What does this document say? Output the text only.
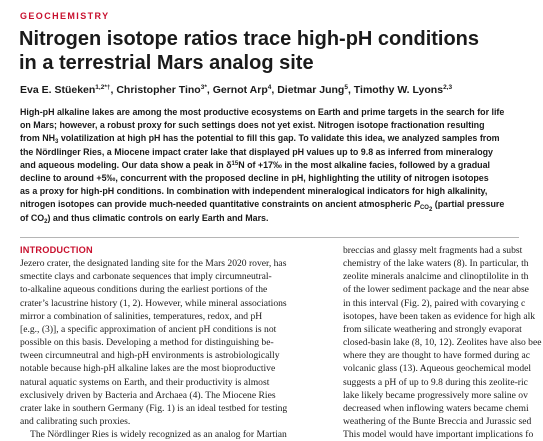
GEOCHEMISTRY
Nitrogen isotope ratios trace high-pH conditions
in a terrestrial Mars analog site
Eva E. Stüeken$^{1,2*\dagger}$, Christopher Tino$^{3*}$, Gernot Arp$^4$, Dietmar Jung$^5$, Timothy W. Lyons$^{2,3}$
High-pH alkaline lakes are among the most productive ecosystems on Earth and prime targets in the search for life
on Mars; however, a robust proxy for such settings does not yet exist. Nitrogen isotope fractionation resulting
from $NH_3$ volatilization at high pH has the potential to fill this gap. To validate this idea, we analyzed samples from
the Nördlinger Ries, a Miocene impact crater lake that displayed pH values up to 9.8 as inferred from mineralogy
and aqueous modeling. Our data show a peak in $\delta^{15}N$ of +17‰ in the most alkaline facies, followed by a gradual
decline to around +5‰, concurrent with the proposed decline in pH, highlighting the utility of nitrogen isotopes
as a proxy for high-pH conditions. In combination with independent mineralogical indicators for high alkalinity,
nitrogen isotopes can provide much-needed quantitative constraints on ancient atmospheric $P_{CO_2}$ (partial pressure
of $CO_2$) and thus climatic controls on early Earth and Mars.
INTRODUCTION
Jezero crater, the designated landing site for the Mars 2020 rover, has
smectite clays and carbonate sequences that imply circumneutral-
to-alkaline aqueous conditions during the earliest portions of the
crater’s lacustrine history (1, 2). However, while mineral associations
mirror a combination of salinities, temperatures, redox, and pH
[e.g., (3)], a specific approximation of ancient pH conditions is not
possible on this basis. Developing a method for distinguishing be-
tween circumneutral and high-pH environments is astrobiologically
notable because high-pH alkaline lakes are the most bioproductive
natural aquatic systems on Earth, and their productivity is almost
exclusively driven by Bacteria and Archaea (4). The Miocene Ries
crater lake in southern Germany (Fig. 1) is an ideal testbed for testing
and calibrating such proxies.
The Nördlinger Ries is widely recognized as an analog for Martian
breccias and glassy melt fragments had a subst
chemistry of the lake waters (8). In particular, th
zeolite minerals analcime and clinoptilolite in th
of the lower sediment package and the near abse
in this interval (Fig. 2), paired with covarying c
isotopes, have been taken as evidence for high alk
from silicate weathering and strongly evaporat
closed-basin lake (8, 10, 12). Zeolites have also bee
where they are thought to have formed during ac
volcanic glass (13). Aqueous geochemical model
suggests a pH of up to 9.8 during this zeolite-ric
lake likely became progressively more saline ov
decreased when inflowing waters became chemi
weathering of the Bunte Breccia and Jurassic sed
This model would have important implications fo
